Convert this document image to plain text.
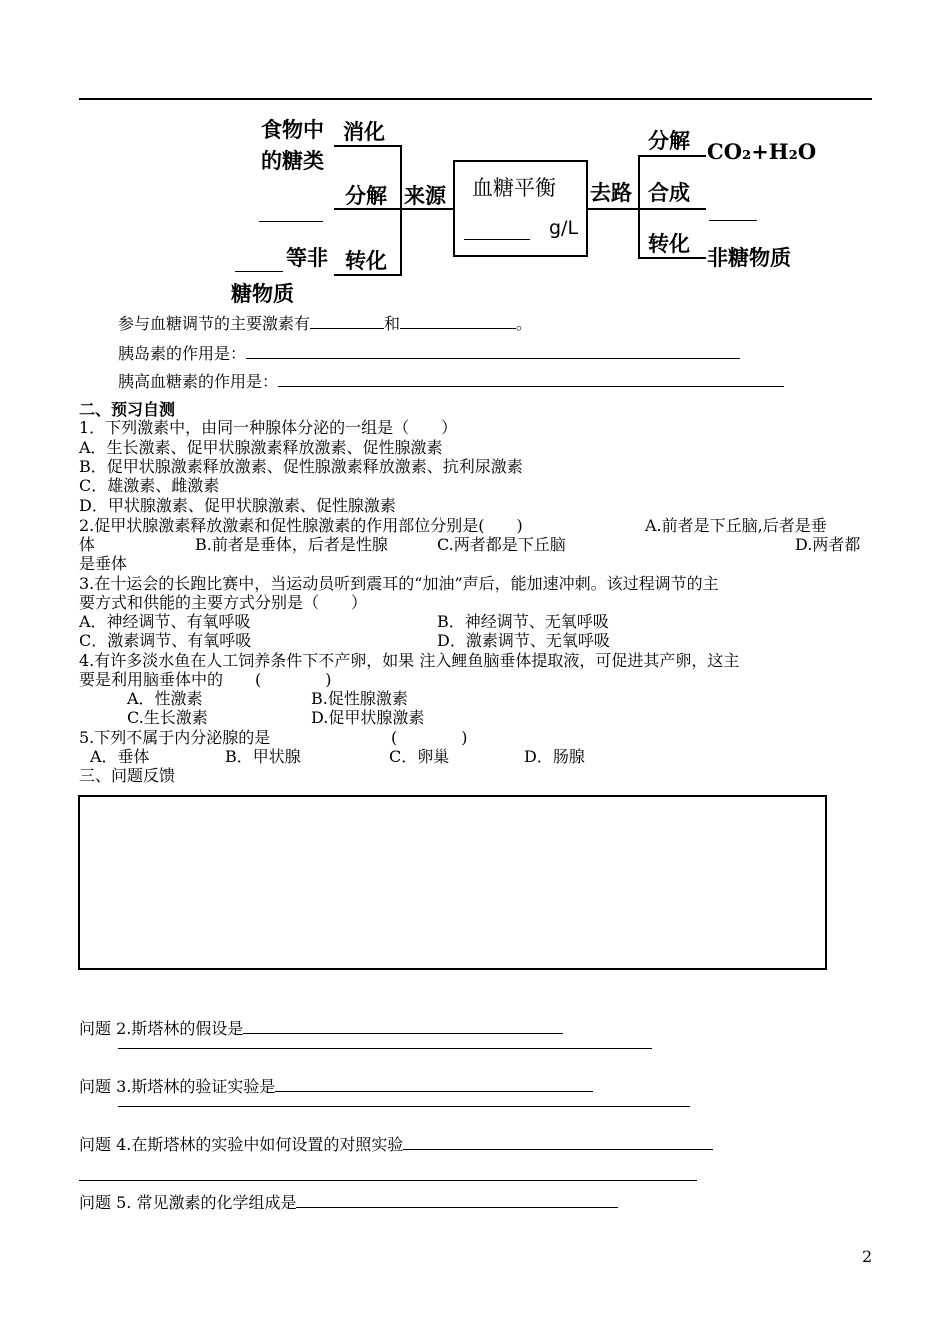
食物中
的糖类
消化
分解
等非
糖物质
转化
来源 血糖平衡
g/L
去路
分解 CO₂+H₂O
合成
转化
非糖物质
参与血糖调节的主要激素有	和	。
胰岛素的作用是：
胰高血糖素的作用是：
二、预习自测
1．下列激素中，由同一种腺体分泌的一组是（　　）
A．生长激素、促甲状腺激素释放激素、促性腺激素
B．促甲状腺激素释放激素、促性腺激素释放激素、抗利尿激素
C．雄激素、雌激素
D．甲状腺激素、促甲状腺激素、促性腺激素
2.促甲状腺激素释放激素和促性腺激素的作用部位分别是(　　)	A.前者是下丘脑,后者是垂
体	B.前者是垂体，后者是性腺	C.两者都是下丘脑	D.两者都
是垂体
3.在十运会的长跑比赛中，当运动员听到震耳的“加油”声后，能加速冲刺。该过程调节的主
要方式和供能的主要方式分别是（　　）
A．神经调节、有氧呼吸	B．神经调节、无氧呼吸
C．激素调节、有氧呼吸	D．激素调节、无氧呼吸
4.有许多淡水鱼在人工饲养条件下不产卵，如果 注入鲤鱼脑垂体提取液，可促进其产卵，这主
要是利用脑垂体中的　　(　　　　)
A．性激素	B.促性腺激素
C.生长激素	D.促甲状腺激素
5.下列不属于内分泌腺的是	(　　　　)
A．垂体	B．甲状腺	C．卵巢	D．肠腺
三、问题反馈
问题 2.斯塔林的假设是
问题 3.斯塔林的验证实验是
问题 4.在斯塔林的实验中如何设置的对照实验
问题 5. 常见激素的化学组成是
2
